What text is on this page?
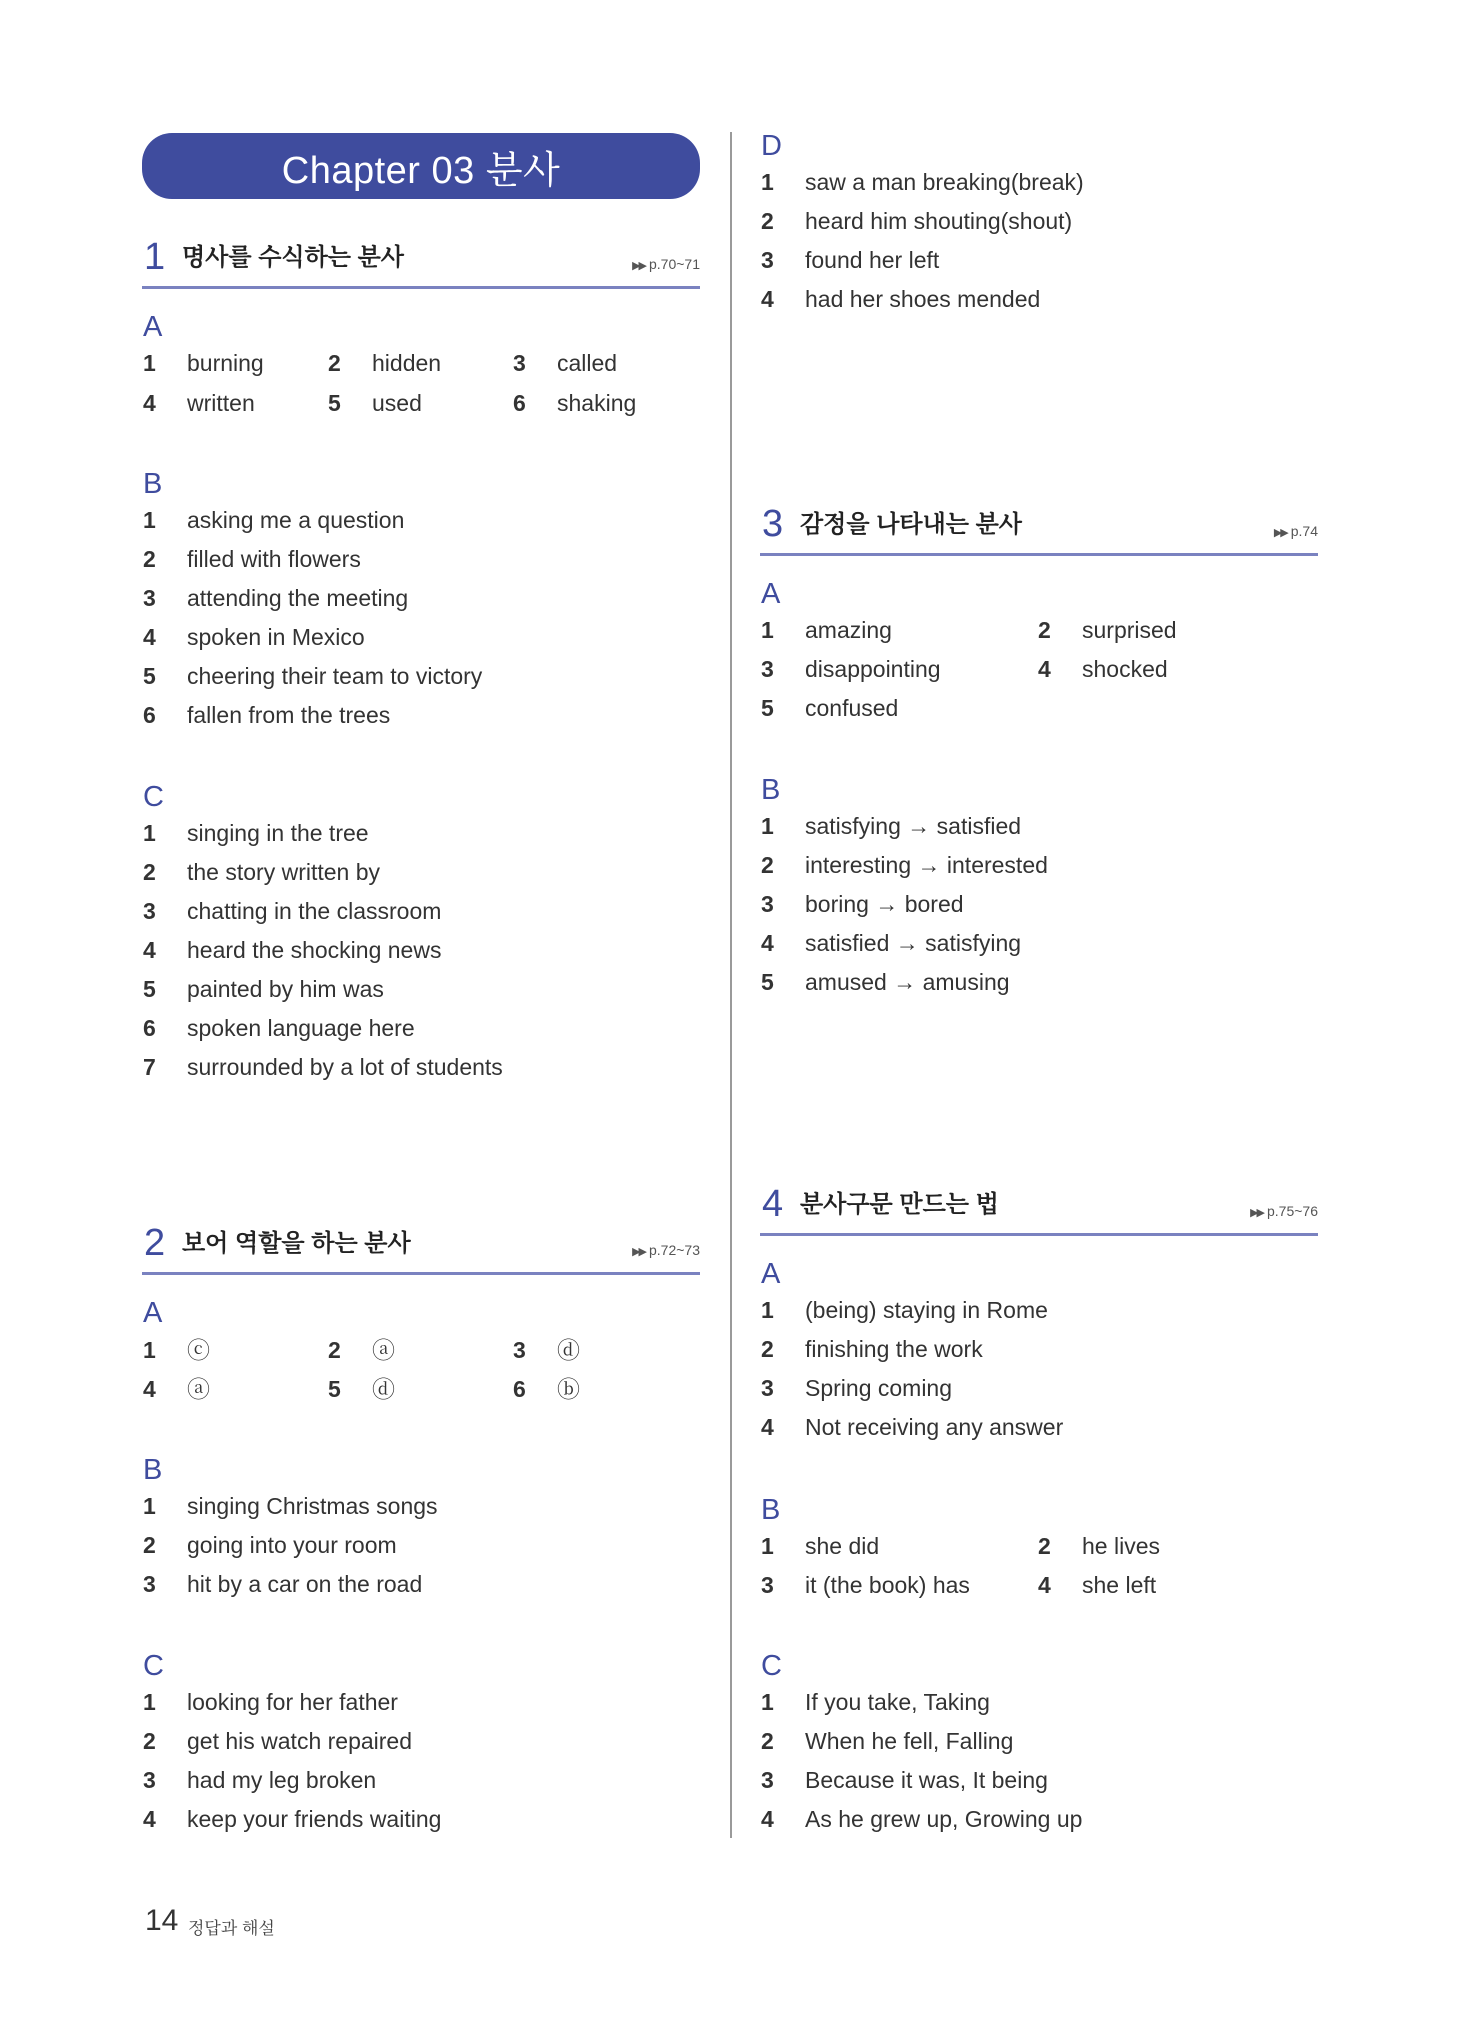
Chapter 03 분사
1 명사를 수식하는 분사	▶▶ p.70~71
A
1 burning	2 hidden	3 called
4 written	5 used	6 shaking
B
1 asking me a question
2 filled with flowers
3 attending the meeting
4 spoken in Mexico
5 cheering their team to victory
6 fallen from the trees
C
1 singing in the tree
2 the story written by
3 chatting in the classroom
4 heard the shocking news
5 painted by him was
6 spoken language here
7 surrounded by a lot of students
2 보어 역할을 하는 분사	▶▶ p.72~73
A
1 ⓒ	2 ⓐ	3 ⓓ
4 ⓐ	5 ⓓ	6 ⓑ
B
1 singing Christmas songs
2 going into your room
3 hit by a car on the road
C
1 looking for her father
2 get his watch repaired
3 had my leg broken
4 keep your friends waiting
D
1 saw a man breaking(break)
2 heard him shouting(shout)
3 found her left
4 had her shoes mended
3 감정을 나타내는 분사	▶▶ p.74
A
1 amazing	2 surprised
3 disappointing	4 shocked
5 confused
B
1 satisfying → satisfied
2 interesting → interested
3 boring → bored
4 satisfied → satisfying
5 amused → amusing
4 분사구문 만드는 법	▶▶ p.75~76
A
1 (being) staying in Rome
2 finishing the work
3 Spring coming
4 Not receiving any answer
B
1 she did	2 he lives
3 it (the book) has	4 she left
C
1 If you take, Taking
2 When he fell, Falling
3 Because it was, It being
4 As he grew up, Growing up
14 정답과 해설
